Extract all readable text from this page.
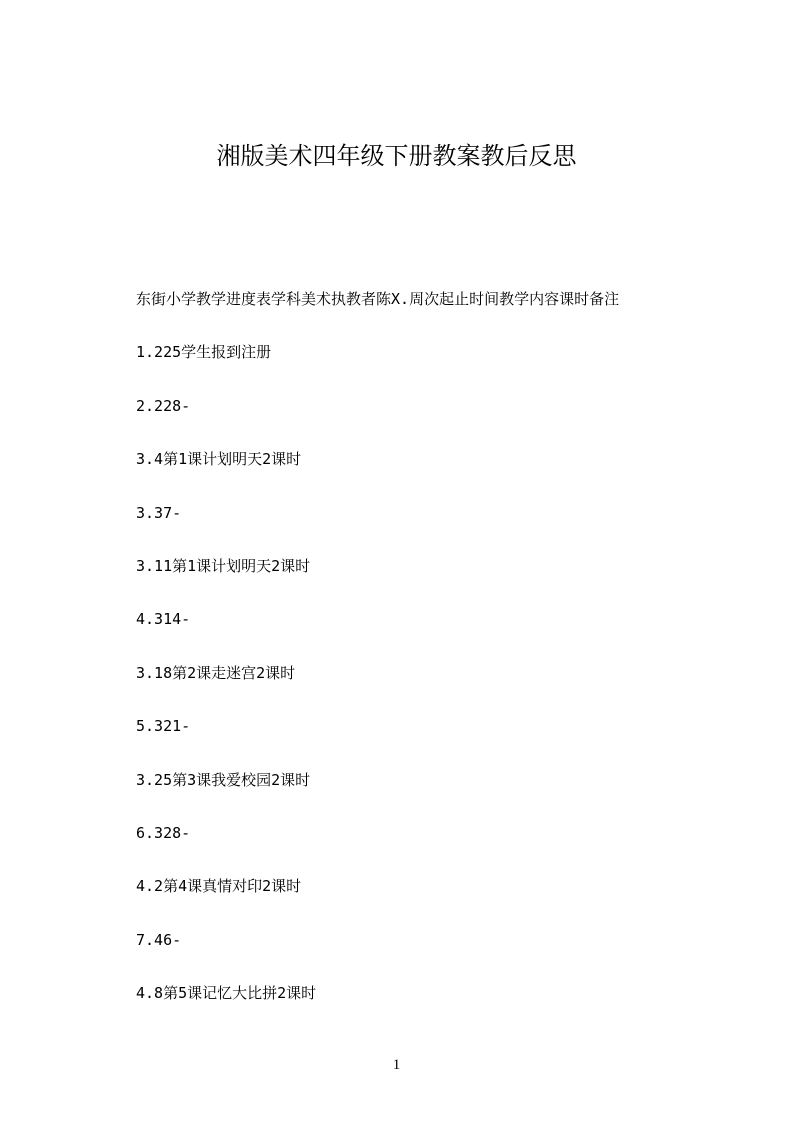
湘版美术四年级下册教案教后反思

东街小学教学进度表学科美术执教者陈X.周次起止时间教学内容课时备注

1.225学生报到注册

2.228-

3.4第1课计划明天2课时

3.37-

3.11第1课计划明天2课时

4.314-

3.18第2课走迷宫2课时

5.321-

3.25第3课我爱校园2课时

6.328-

4.2第4课真情对印2课时

7.46-

4.8第5课记忆大比拼2课时

1
